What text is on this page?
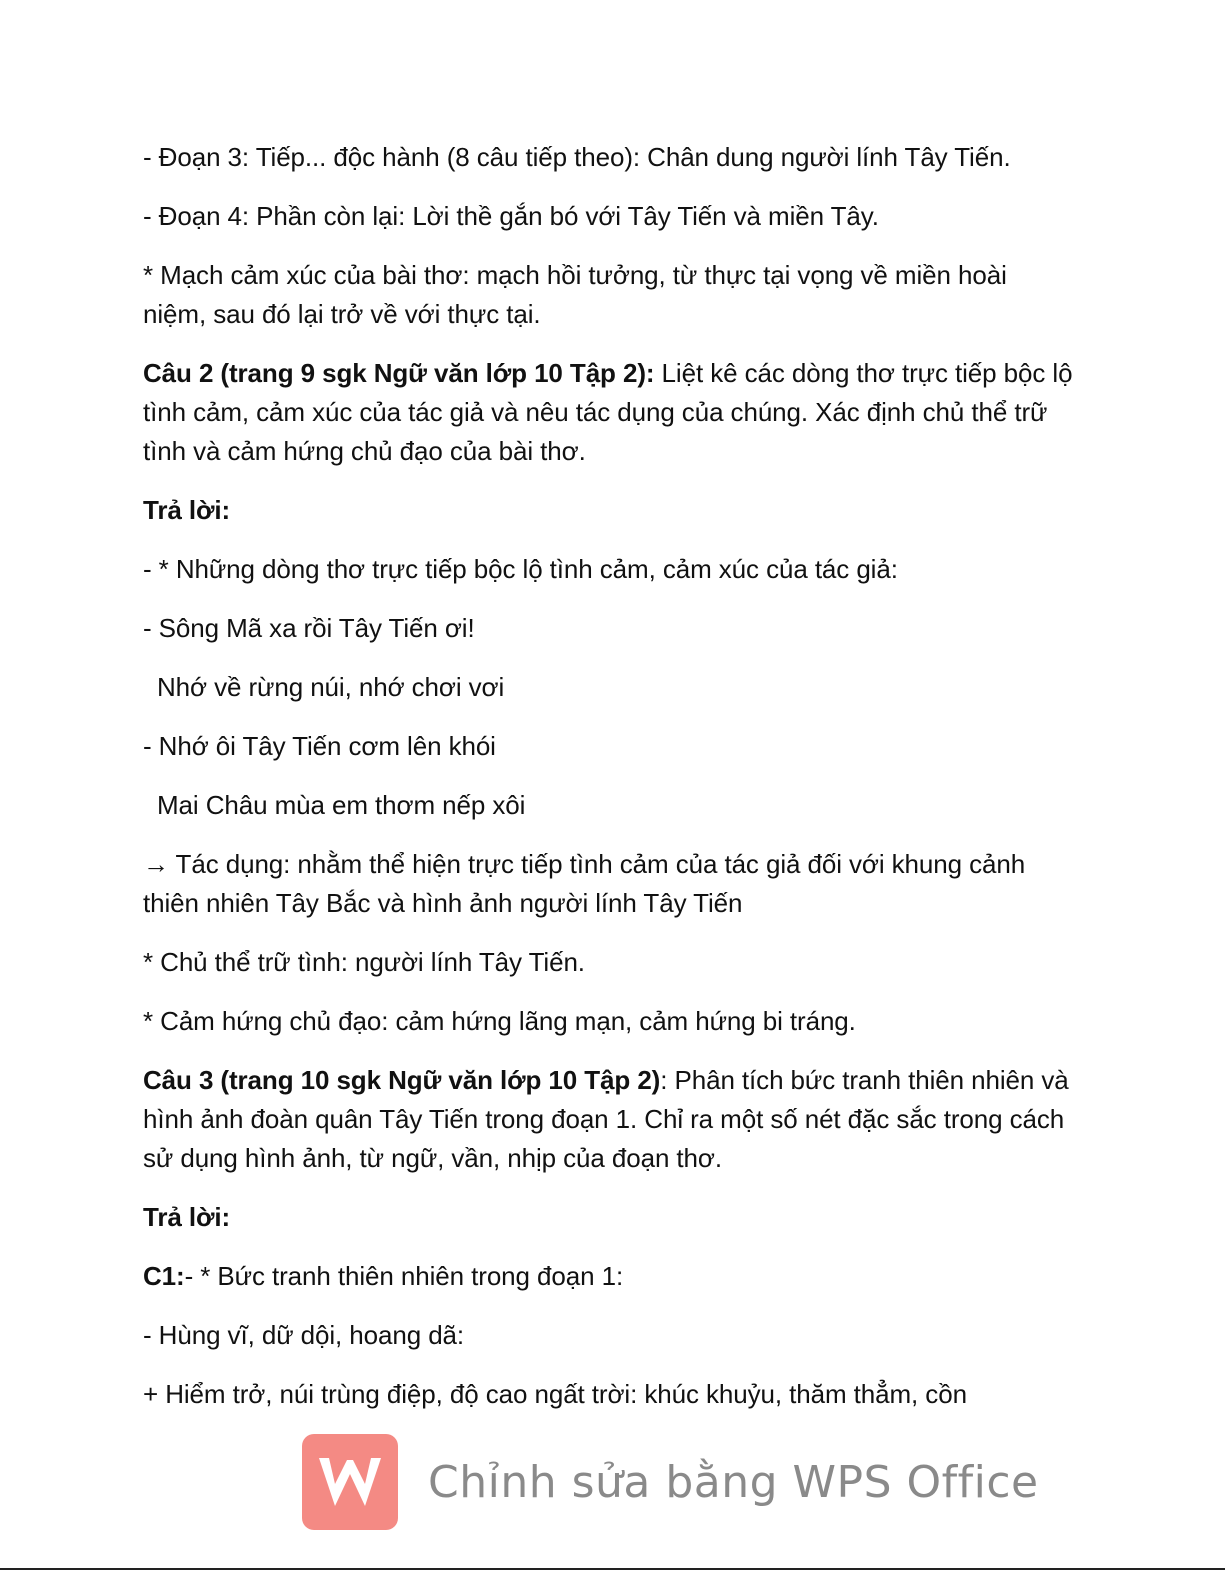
- Đoạn 3: Tiếp... độc hành (8 câu tiếp theo): Chân dung người lính Tây Tiến.

- Đoạn 4: Phần còn lại: Lời thề gắn bó với Tây Tiến và miền Tây.

* Mạch cảm xúc của bài thơ: mạch hồi tưởng, từ thực tại vọng về miền hoài niệm, sau đó lại trở về với thực tại.

Câu 2 (trang 9 sgk Ngữ văn lớp 10 Tập 2): Liệt kê các dòng thơ trực tiếp bộc lộ tình cảm, cảm xúc của tác giả và nêu tác dụng của chúng. Xác định chủ thể trữ tình và cảm hứng chủ đạo của bài thơ.

Trả lời:

- * Những dòng thơ trực tiếp bộc lộ tình cảm, cảm xúc của tác giả:

- Sông Mã xa rồi Tây Tiến ơi!

Nhớ về rừng núi, nhớ chơi vơi

- Nhớ ôi Tây Tiến cơm lên khói

Mai Châu mùa em thơm nếp xôi

→ Tác dụng: nhằm thể hiện trực tiếp tình cảm của tác giả đối với khung cảnh thiên nhiên Tây Bắc và hình ảnh người lính Tây Tiến

* Chủ thể trữ tình: người lính Tây Tiến.

* Cảm hứng chủ đạo: cảm hứng lãng mạn, cảm hứng bi tráng.

Câu 3 (trang 10 sgk Ngữ văn lớp 10 Tập 2): Phân tích bức tranh thiên nhiên và hình ảnh đoàn quân Tây Tiến trong đoạn 1. Chỉ ra một số nét đặc sắc trong cách sử dụng hình ảnh, từ ngữ, vần, nhịp của đoạn thơ.

Trả lời:

C1:- * Bức tranh thiên nhiên trong đoạn 1:

- Hùng vĩ, dữ dội, hoang dã:

+ Hiểm trở, núi trùng điệp, độ cao ngất trời: khúc khuỷu, thăm thẳm, cồn

Chỉnh sửa bằng WPS Office
